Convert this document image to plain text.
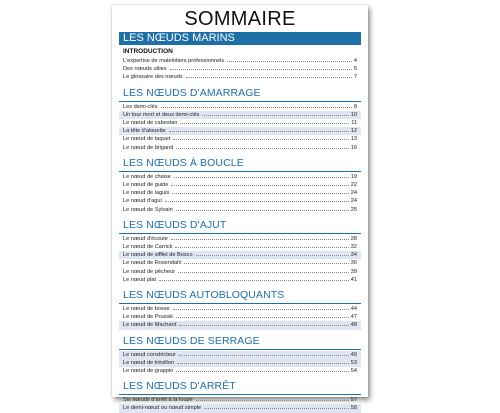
SOMMAIRE
LES NŒUDS MARINS
INTRODUCTION
L'expertise de matelotiers professionnels	4
Des nœuds utiles	5
Le glossaire des nœuds	7
LES NŒUDS D'AMARRAGE
Les demi-clés	8
Un tour mort et deux demi-clés	10
Le nœud de cabestan	11
La tête d'alouette	12
Le nœud de taquet	13
Le nœud de brigand	16
LES NŒUDS À BOUCLE
Le nœud de chaise	19
Le nœud de guide	22
Le nœud de laguis	24
Le nœud d'agui	24
Le nœud de Sylvain	25
LES NŒUDS D'AJUT
Le nœud d'écoute	28
Le nœud de Carrick	32
Le nœud de sifflet de Bosco	34
Le nœud de Rosendahl	36
Le nœud de pêcheur	39
Le nœud plat	41
LES NŒUDS AUTOBLOQUANTS
Le nœud de bosse	44
Le nœud de Prussik	47
Le nœud de Machard	48
LES NŒUDS DE SERRAGE
Le nœud constricteur	49
Le nœud de trésillon	53
Le nœud de grappin	54
LES NŒUDS D'ARRÊT
Six nœuds d'arrêt à la loupe	57
Le demi-nœud ou nœud simple	58
